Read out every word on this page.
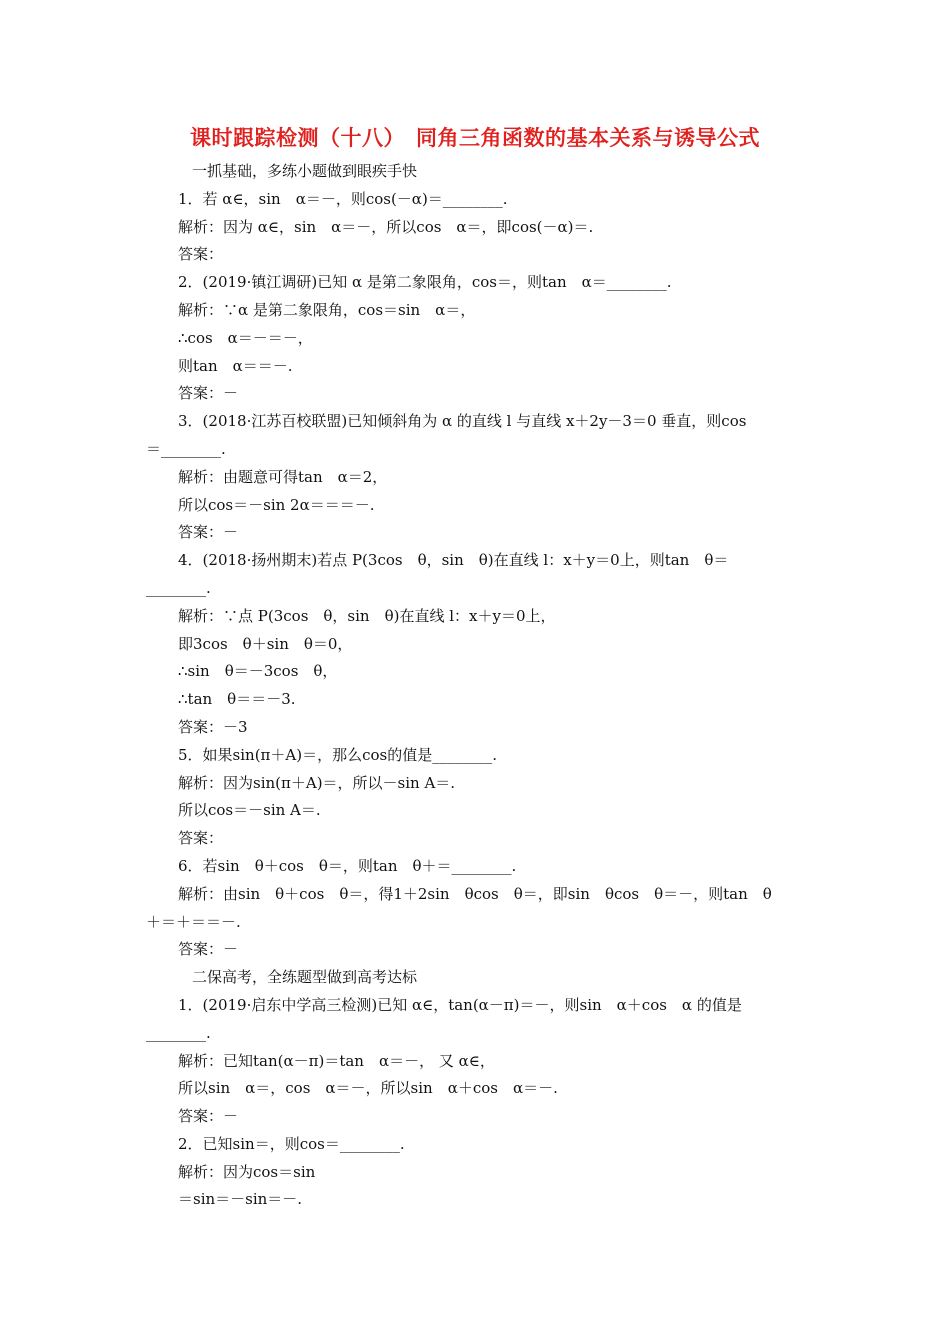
课时跟踪检测（十八）　同角三角函数的基本关系与诱导公式
一抓基础，多练小题做到眼疾手快
1．若 α∈，sin　α＝－，则cos(－α)＝________.
解析：因为 α∈，sin　α＝－，所以cos　α＝，即cos(－α)＝.
答案：
2．(2019·镇江调研)已知 α 是第二象限角，cos＝，则tan　α＝________.
解析：∵α 是第二象限角，cos＝sin　α＝，
∴cos　α＝－＝－，
则tan　α＝＝－.
答案：－
3．(2018·江苏百校联盟)已知倾斜角为 α 的直线 l 与直线 x＋2y－3＝0 垂直，则cos
＝________.
解析：由题意可得tan　α＝2，
所以cos＝－sin 2α＝＝＝－.
答案：－
4．(2018·扬州期末)若点 P(3cos　θ，sin　θ)在直线 l：x＋y＝0上，则tan　θ＝
________.
解析：∵点 P(3cos　θ，sin　θ)在直线 l：x＋y＝0上，
即3cos　θ＋sin　θ＝0，
∴sin　θ＝－3cos　θ，
∴tan　θ＝＝－3.
答案：－3
5．如果sin(π＋A)＝，那么cos的值是________.
解析：因为sin(π＋A)＝，所以－sin A＝.
所以cos＝－sin A＝.
答案：
6．若sin　θ＋cos　θ＝，则tan　θ＋＝________.
解析：由sin　θ＋cos　θ＝，得1＋2sin　θcos　θ＝，即sin　θcos　θ＝－，则tan　θ
＋＝＋＝＝－.
答案：－
二保高考，全练题型做到高考达标
1．(2019·启东中学高三检测)已知 α∈，tan(α－π)＝－，则sin　α＋cos　α 的值是
________.
解析：已知tan(α－π)＝tan　α＝－， 又 α∈，
所以sin　α＝，cos　α＝－，所以sin　α＋cos　α＝－.
答案：－
2．已知sin＝，则cos＝________.
解析：因为cos＝sin
＝sin＝－sin＝－.
